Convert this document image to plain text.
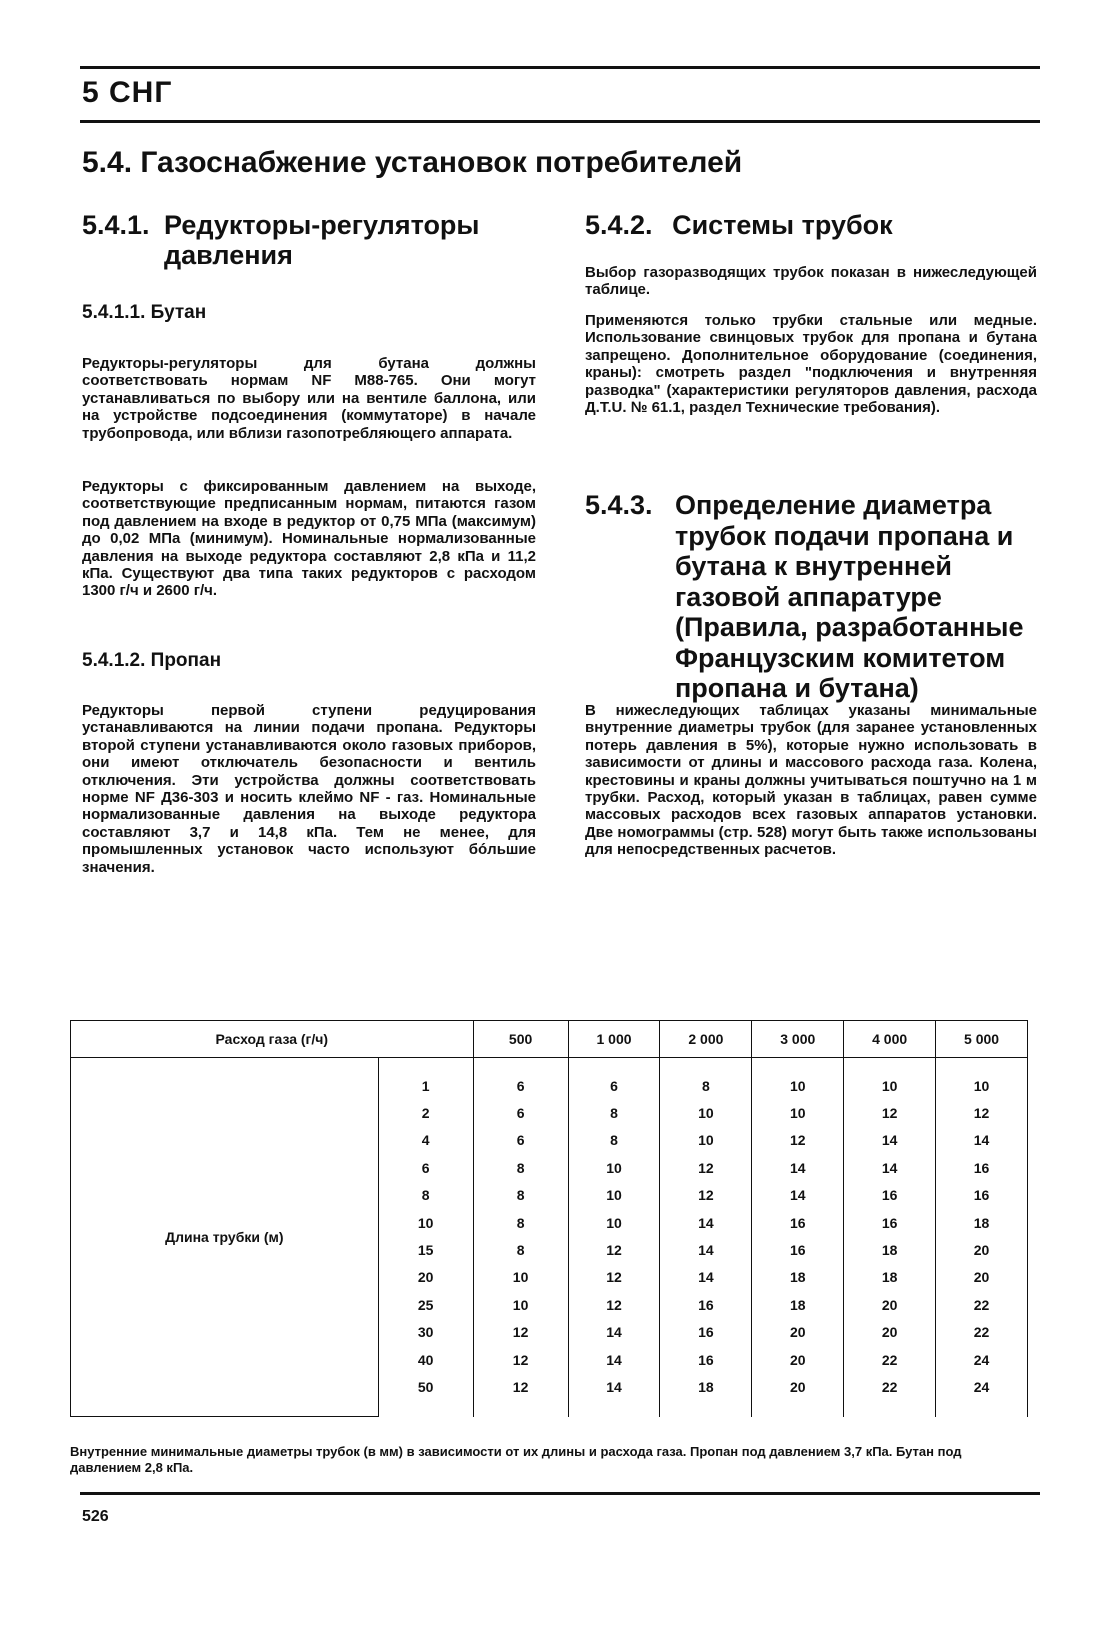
5 СНГ
5.4. Газоснабжение установок потребителей
5.4.1. Редукторы-регуляторы давления
5.4.1.1. Бутан

Редукторы-регуляторы для бутана должны соответствовать нормам NF M88-765. Они могут устанавливаться по выбору или на вентиле баллона, или на устройстве подсоединения (коммутаторе) в начале трубопровода, или вблизи газопотребляющего аппарата.

Редукторы с фиксированным давлением на выходе, соответствующие предписанным нормам, питаются газом под давлением на входе в редуктор от 0,75 МПа (максимум) до 0,02 МПа (минимум). Номинальные нормализованные давления на выходе редуктора составляют 2,8 кПа и 11,2 кПа. Существуют два типа таких редукторов с расходом 1300 г/ч и 2600 г/ч.

5.4.1.2. Пропан

Редукторы первой ступени редуцирования устанавливаются на линии подачи пропана. Редукторы второй ступени устанавливаются около газовых приборов, они имеют отключатель безопасности и вентиль отключения. Эти устройства должны соответствовать норме NF Д36-303 и носить клеймо NF - газ. Номинальные нормализованные давления на выходе редуктора составляют 3,7 и 14,8 кПа. Тем не менее, для промышленных установок часто используют бóльшие значения.

5.4.2. Системы трубок

Выбор газоразводящих трубок показан в нижеследующей таблице.

Применяются только трубки стальные или медные. Использование свинцовых трубок для пропана и бутана запрещено. Дополнительное оборудование (соединения, краны): смотреть раздел "подключения и внутренняя разводка" (характеристики регуляторов давления, расхода Д.T.U. № 61.1, раздел Технические требования).

5.4.3. Определение диаметра трубок подачи пропана и бутана к внутренней газовой аппаратуре (Правила, разработанные Французским комитетом пропана и бутана)

В нижеследующих таблицах указаны минимальные внутренние диаметры трубок (для заранее установленных потерь давления в 5%), которые нужно использовать в зависимости от длины и массового расхода газа. Колена, крестовины и краны должны учитываться поштучно на 1 м трубки. Расход, который указан в таблицах, равен сумме массовых расходов всех газовых аппаратов установки. Две номограммы (стр. 528) могут быть также использованы для непосредственных расчетов.

Расход газа (г/ч)		500	1 000	2 000	3 000	4 000	5 000
Длина трубки (м)	1	6	6	8	10	10	10
	2	6	8	10	10	12	12
	4	6	8	10	12	14	14
	6	8	10	12	14	14	16
	8	8	10	12	14	16	16
	10	8	10	14	16	16	18
	15	8	12	14	16	18	20
	20	10	12	14	18	18	20
	25	10	12	16	18	20	22
	30	12	14	16	20	20	22
	40	12	14	16	20	22	24
	50	12	14	18	20	22	24
Внутренние минимальные диаметры трубок (в мм) в зависимости от их длины и расхода газа. Пропан под давлением 3,7 кПа. Бутан под давлением 2,8 кПа.
526
